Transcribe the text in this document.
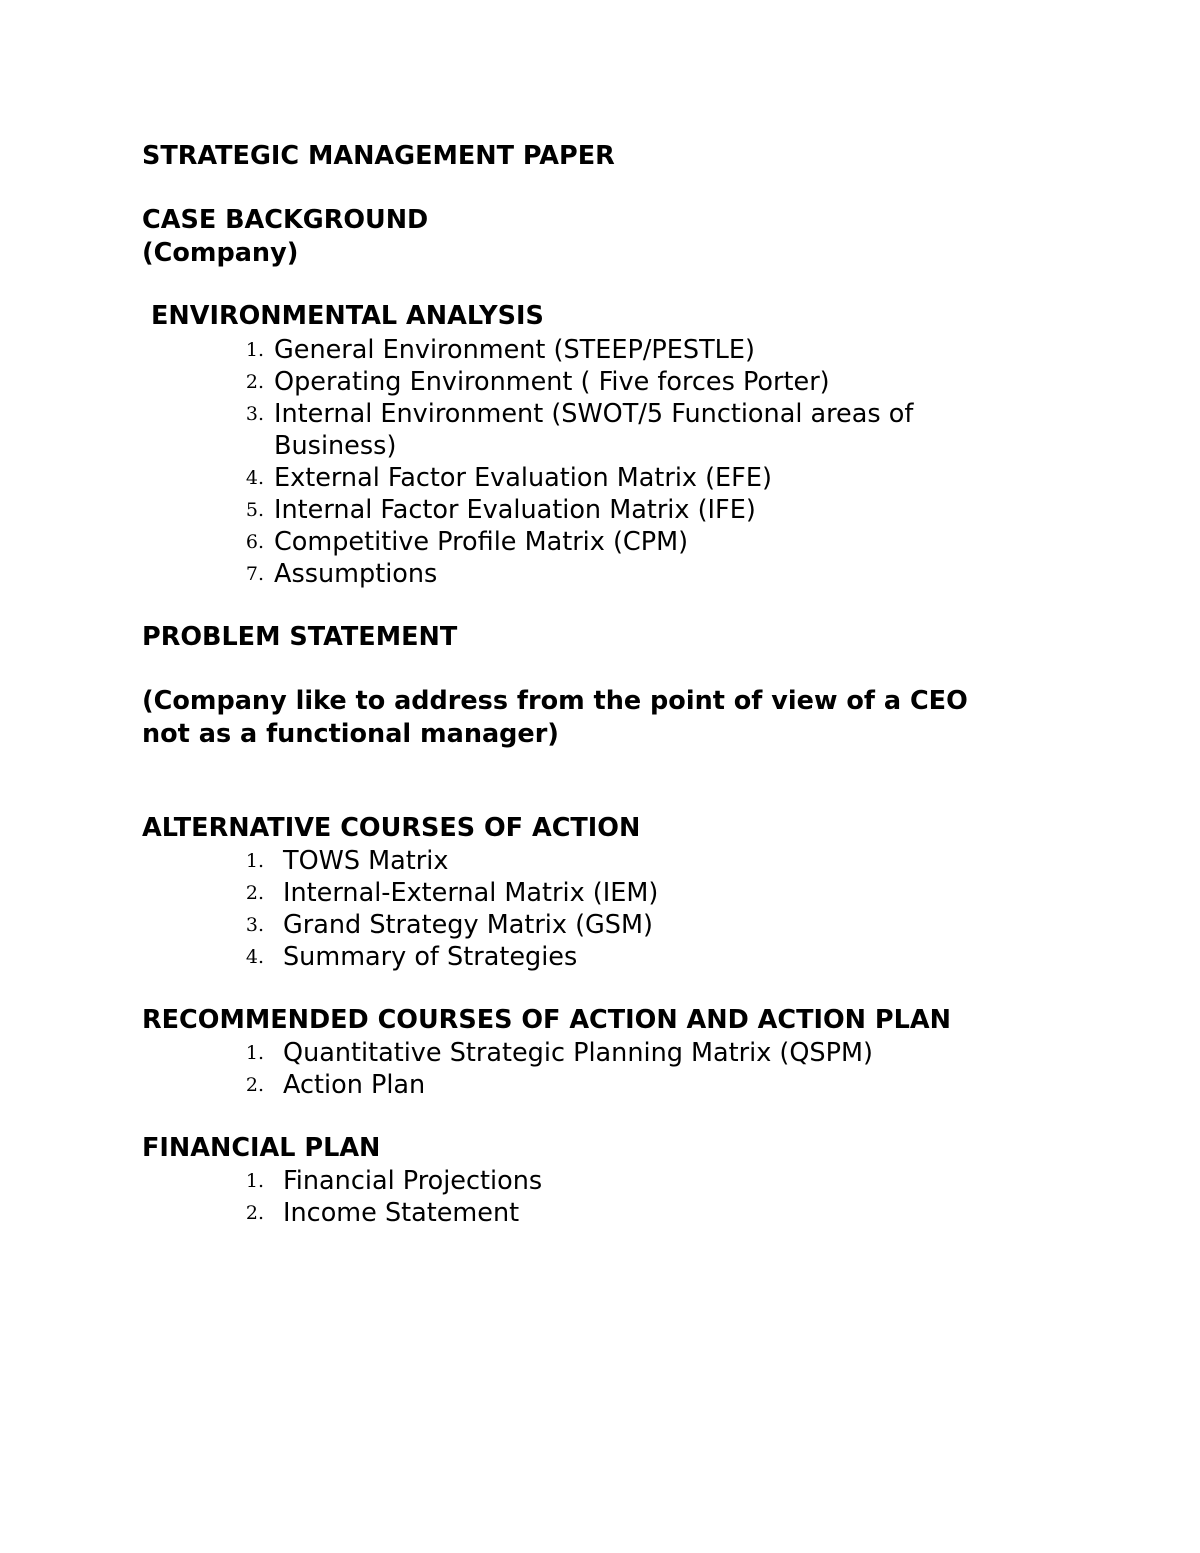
STRATEGIC MANAGEMENT PAPER

CASE BACKGROUND

(Company)

ENVIRONMENTAL ANALYSIS

1. General Environment (STEEP/PESTLE)
2. Operating Environment ( Five forces Porter)
3. Internal Environment (SWOT/5 Functional areas of
Business)
4. External Factor Evaluation Matrix (EFE)
5. Internal Factor Evaluation Matrix (IFE)
6. Competitive Profile Matrix (CPM)
7. Assumptions

PROBLEM STATEMENT

(Company like to address from the point of view of a CEO

not as a functional manager)

ALTERNATIVE COURSES OF ACTION

1. TOWS Matrix
2. Internal-External Matrix (IEM)
3. Grand Strategy Matrix (GSM)
4. Summary of Strategies

RECOMMENDED COURSES OF ACTION AND ACTION PLAN

1. Quantitative Strategic Planning Matrix (QSPM)
2. Action Plan

FINANCIAL PLAN

1. Financial Projections
2. Income Statement
